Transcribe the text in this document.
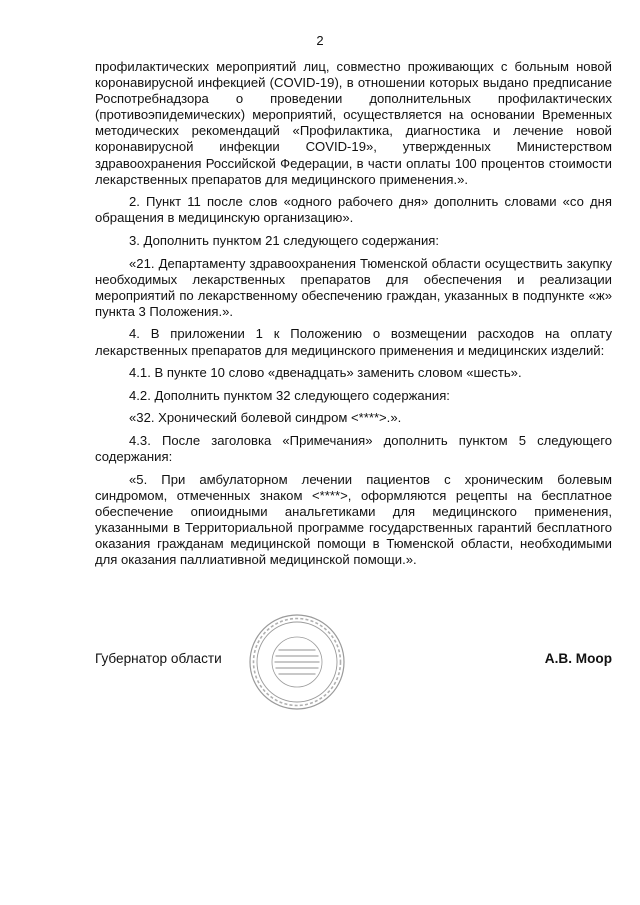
2

профилактических мероприятий лиц, совместно проживающих с больным новой коронавирусной инфекцией (COVID-19), в отношении которых выдано предписание Роспотребнадзора о проведении дополнительных профилактических (противоэпидемических) мероприятий, осуществляется на основании Временных методических рекомендаций «Профилактика, диагностика и лечение новой коронавирусной инфекции COVID-19», утвержденных Министерством здравоохранения Российской Федерации, в части оплаты 100 процентов стоимости лекарственных препаратов для медицинского применения.».

2. Пункт 11 после слов «одного рабочего дня» дополнить словами «со дня обращения в медицинскую организацию».

3. Дополнить пунктом 21 следующего содержания:

«21. Департаменту здравоохранения Тюменской области осуществить закупку необходимых лекарственных препаратов для обеспечения и реализации мероприятий по лекарственному обеспечению граждан, указанных в подпункте «ж» пункта 3 Положения.».

4. В приложении 1 к Положению о возмещении расходов на оплату лекарственных препаратов для медицинского применения и медицинских изделий:

4.1. В пункте 10 слово «двенадцать» заменить словом «шесть».

4.2. Дополнить пунктом 32 следующего содержания:

«32. Хронический болевой синдром <****>.».

4.3. После заголовка «Примечания» дополнить пунктом 5 следующего содержания:

«5. При амбулаторном лечении пациентов с хроническим болевым синдромом, отмеченных знаком <****>, оформляются рецепты на бесплатное обеспечение опиоидными анальгетиками для медицинского применения, указанными в Территориальной программе государственных гарантий бесплатного оказания гражданам медицинской помощи в Тюменской области, необходимыми для оказания паллиативной медицинской помощи.».

Губернатор области	А.В. Моор
